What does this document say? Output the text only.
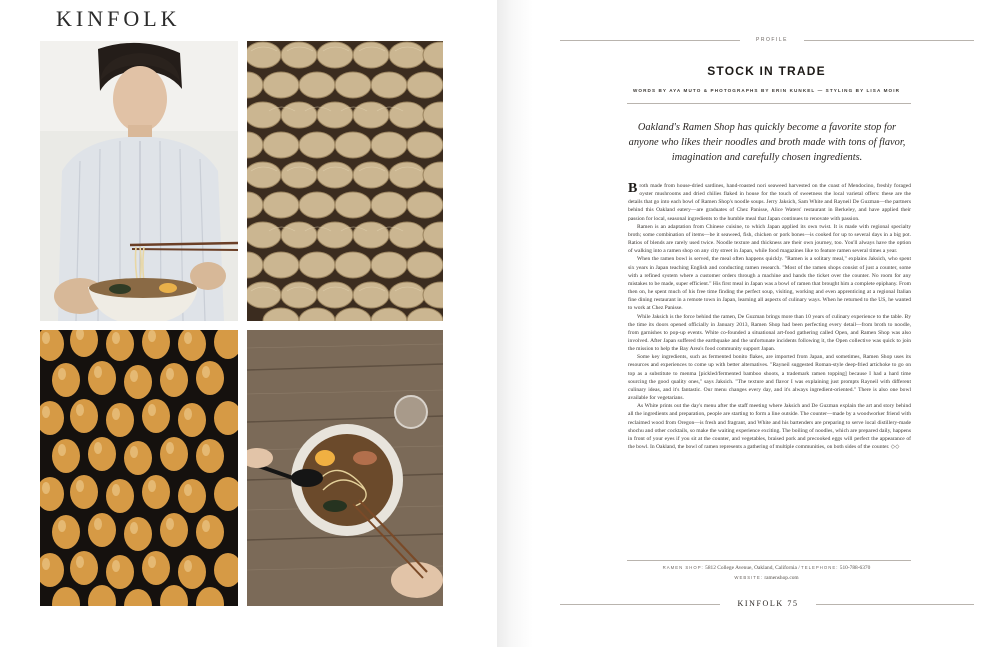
KINFOLK
PROFILE
STOCK IN TRADE
WORDS BY AYA MUTO & PHOTOGRAPHS BY ERIN KUNKEL — STYLING BY LISA MOIR
Oakland's Ramen Shop has quickly become a favorite stop for anyone who likes their noodles and broth made with tons of flavor, imagination and carefully chosen ingredients.

Broth made from house-dried sardines, hand-roasted nori seaweed harvested on the coast of Mendocino, freshly foraged oyster mushrooms and dried chilies flaked in house for the touch of sweetness the local varietal offers: these are the details that go into each bowl of Ramen Shop's noodle soups. Jerry Jaksich, Sam White and Rayneil De Guzman—the partners behind this Oakland eatery—are graduates of Chez Panisse, Alice Waters' restaurant in Berkeley, and have applied their passion for local, seasonal ingredients to the humble meal that Japan continues to renovate with passion.

Ramen is an adaptation from Chinese cuisine, to which Japan applied its own twist. It is made with regional specialty broth; some combination of items—be it seaweed, fish, chicken or pork bones—is cooked for up to several days in a big pot. Ratios of blends are rarely used twice. Noodle texture and thickness are their own journey, too. You'll always have the option of walking into a ramen shop on any city street in Japan, while food magazines like to feature ramen several times a year.

When the ramen bowl is served, the meal often happens quickly. "Ramen is a solitary meal," explains Jaksich, who spent six years in Japan teaching English and conducting ramen research. "Most of the ramen shops consist of just a counter, some with a refined system where a customer orders through a machine and hands the ticket over the counter. No room for any mistakes to be made, super efficient." His first meal in Japan was a bowl of ramen that brought him a complete epiphany. From then on, he spent much of his free time finding the perfect soup, visiting, working and even apprenticing at a regional Italian fine dining restaurant in a remote town in Japan, learning all aspects of culinary ways. When he returned to the US, he wanted to work at Chez Panisse.

While Jaksich is the force behind the ramen, De Guzman brings more than 10 years of culinary experience to the table. By the time its doors opened officially in January 2013, Ramen Shop had been perfecting every detail—from broth to noodle, from garnishes to pop-up events. White co-founded a situational art-food gathering called Open, and Ramen Shop was also involved. After Japan suffered the earthquake and the unfortunate incidents following it, the Open collective was quick to join the mission to help the Bay Area's food community support Japan.

Some key ingredients, such as fermented bonito flakes, are imported from Japan, and sometimes, Ramen Shop uses its resources and experiences to come up with better alternatives. "Rayneil suggested Roman-style deep-fried artichoke to go on top as a substitute to menma [pickled/fermented bamboo shoots, a trademark ramen topping] because I had a hard time sourcing the good quality ones," says Jaksich. "The texture and flavor I was explaining just prompts Rayneil with different culinary ideas, and it's fantastic. Our menu changes every day, and it's always ingredient-oriented." There is also one bowl available for vegetarians.

As White prints out the day's menu after the staff meeting where Jaksich and De Guzman explain the art and story behind all the ingredients and preparation, people are starting to form a line outside. The counter—made by a woodworker friend with reclaimed wood from Oregon—is fresh and fragrant, and White and his bartenders are preparing to serve local distillery-made shochu and other cocktails, so make the waiting experience exciting. The boiling of noodles, which are prepared daily, happens in front of your eyes if you sit at the counter, and vegetables, braised pork and precooked eggs will perfect the appearance of the bowl. In Oakland, the bowl of ramen represents a gathering of multiple communities, on both sides of the counter. ◇◇

RAMEN SHOP: 5812 College Avenue, Oakland, California / TELEPHONE: 510-788-6370
WEBSITE: ramenshop.com
KINFOLK 75
